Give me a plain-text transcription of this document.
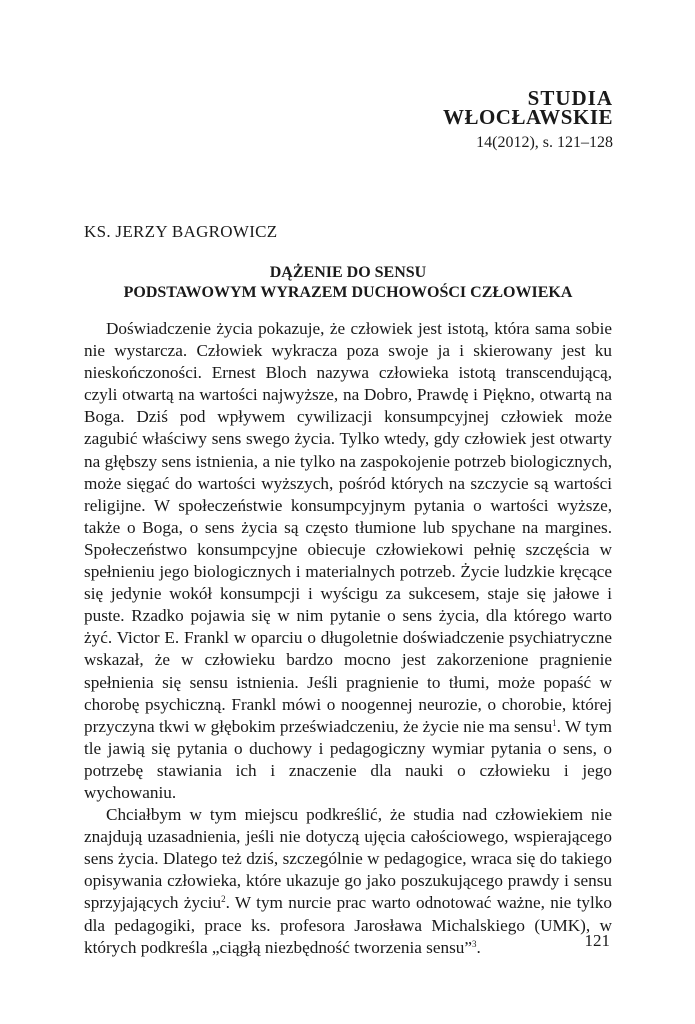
STUDIA
WŁOCŁAWSKIE
14(2012), s. 121–128
KS. JERZY BAGROWICZ
DĄŻENIE DO SENSU
PODSTAWOWYM WYRAZEM DUCHOWOŚCI CZŁOWIEKA

Doświadczenie życia pokazuje, że człowiek jest istotą, która sama sobie nie wystarcza. Człowiek wykracza poza swoje ja i skierowany jest ku nieskończoności. Ernest Bloch nazywa człowieka istotą transcendującą, czyli otwartą na wartości najwyższe, na Dobro, Prawdę i Piękno, otwartą na Boga. Dziś pod wpływem cywilizacji konsumpcyjnej człowiek może zagubić właściwy sens swego życia. Tylko wtedy, gdy człowiek jest otwarty na głębszy sens istnienia, a nie tylko na zaspokojenie potrzeb biologicznych, może sięgać do wartości wyższych, pośród których na szczycie są wartości religijne. W społeczeństwie konsumpcyjnym pytania o wartości wyższe, także o Boga, o sens życia są często tłumione lub spychane na margines. Społeczeństwo konsumpcyjne obiecuje człowiekowi pełnię szczęścia w spełnieniu jego biologicznych i materialnych potrzeb. Życie ludzkie kręcące się jedynie wokół konsumpcji i wyścigu za sukcesem, staje się jałowe i puste. Rzadko pojawia się w nim pytanie o sens życia, dla którego warto żyć. Victor E. Frankl w oparciu o długoletnie doświadczenie psychiatryczne wskazał, że w człowieku bardzo mocno jest zakorzenione pragnienie spełnienia się sensu istnienia. Jeśli pragnienie to tłumi, może popaść w chorobę psychiczną. Frankl mówi o noogennej neurozie, o chorobie, której przyczyna tkwi w głębokim przeświadczeniu, że życie nie ma sensu$^1$. W tym tle jawią się pytania o duchowy i pedagogiczny wymiar pytania o sens, o potrzebę stawiania ich i znaczenie dla nauki o człowieku i jego wychowaniu.

Chciałbym w tym miejscu podkreślić, że studia nad człowiekiem nie znajdują uzasadnienia, jeśli nie dotyczą ujęcia całościowego, wspierającego sens życia. Dlatego też dziś, szczególnie w pedagogice, wraca się do takiego opisywania człowieka, które ukazuje go jako poszukującego prawdy i sensu sprzyjających życiu$^2$. W tym nurcie prac warto odnotować ważne, nie tylko dla pedagogiki, prace ks. profesora Jarosława Michalskiego (UMK), w których podkreśla „ciągłą niezbędność tworzenia sensu”$^3$.	121
